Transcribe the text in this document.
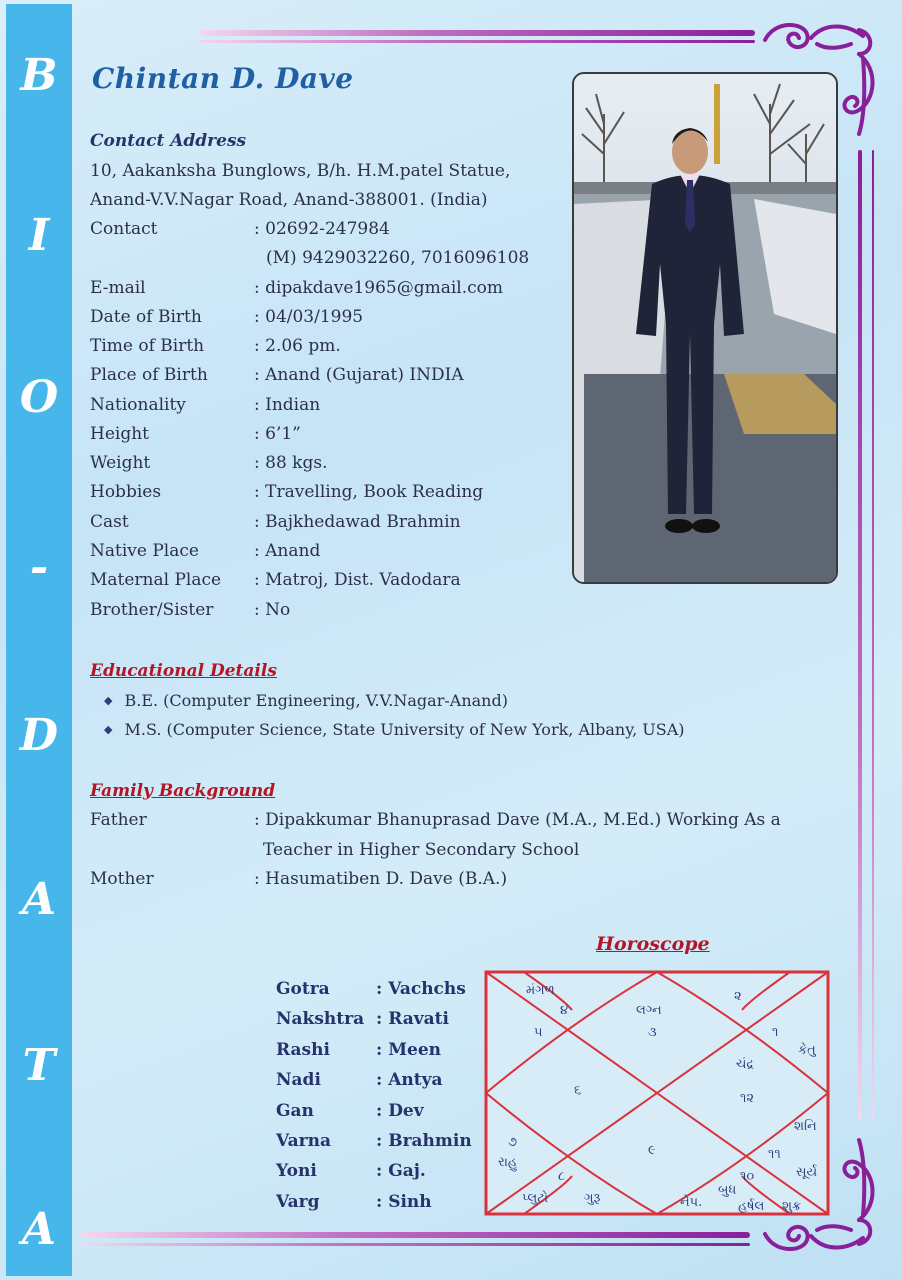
B
I
O
-
D
A
T
A
Chintan D. Dave
Contact Address
10, Aakanksha Bunglows, B/h. H.M.patel Statue,
Anand-V.V.Nagar Road, Anand-388001. (India)
Contact	: 02692-247984
(M) 9429032260, 7016096108
E-mail	: dipakdave1965@gmail.com
Date of Birth	: 04/03/1995
Time of Birth	: 2.06 pm.
Place of Birth	: Anand (Gujarat) INDIA
Nationality	: Indian
Height	: 6’1”
Weight	: 88 kgs.
Hobbies	: Travelling, Book Reading
Cast	: Bajkhedawad Brahmin
Native Place	: Anand
Maternal Place : Matroj, Dist. Vadodara
Brother/Sister : No
Educational Details
◆ B.E. (Computer Engineering, V.V.Nagar-Anand)
◆ M.S. (Computer Science, State University of New York, Albany, USA)
Family Background
Father	: Dipakkumar Bhanuprasad Dave (M.A., M.Ed.) Working As a
Teacher in Higher Secondary School
Mother	: Hasumatiben D. Dave (B.A.)
Horoscope
Gotra	: Vachchs
Nakshtra : Ravati
Rashi	: Meen
Nadi	: Antya
Gan	: Dev
Varna	: Brahmin
Yoni	: Gaj.
Varg	: Sinh
મંગળ
૪	લગ્ન
૩
૨
૫	૧
કેતુ
ચંદ્ર
૬
૧૨
શનિ
૭
રાહુ
૯	૧૧
સૂર્ય
૮	૧૦
પ્લુટો	ગુરૂ	નેપ.
બુધ
હર્ષલ શુક્ર
